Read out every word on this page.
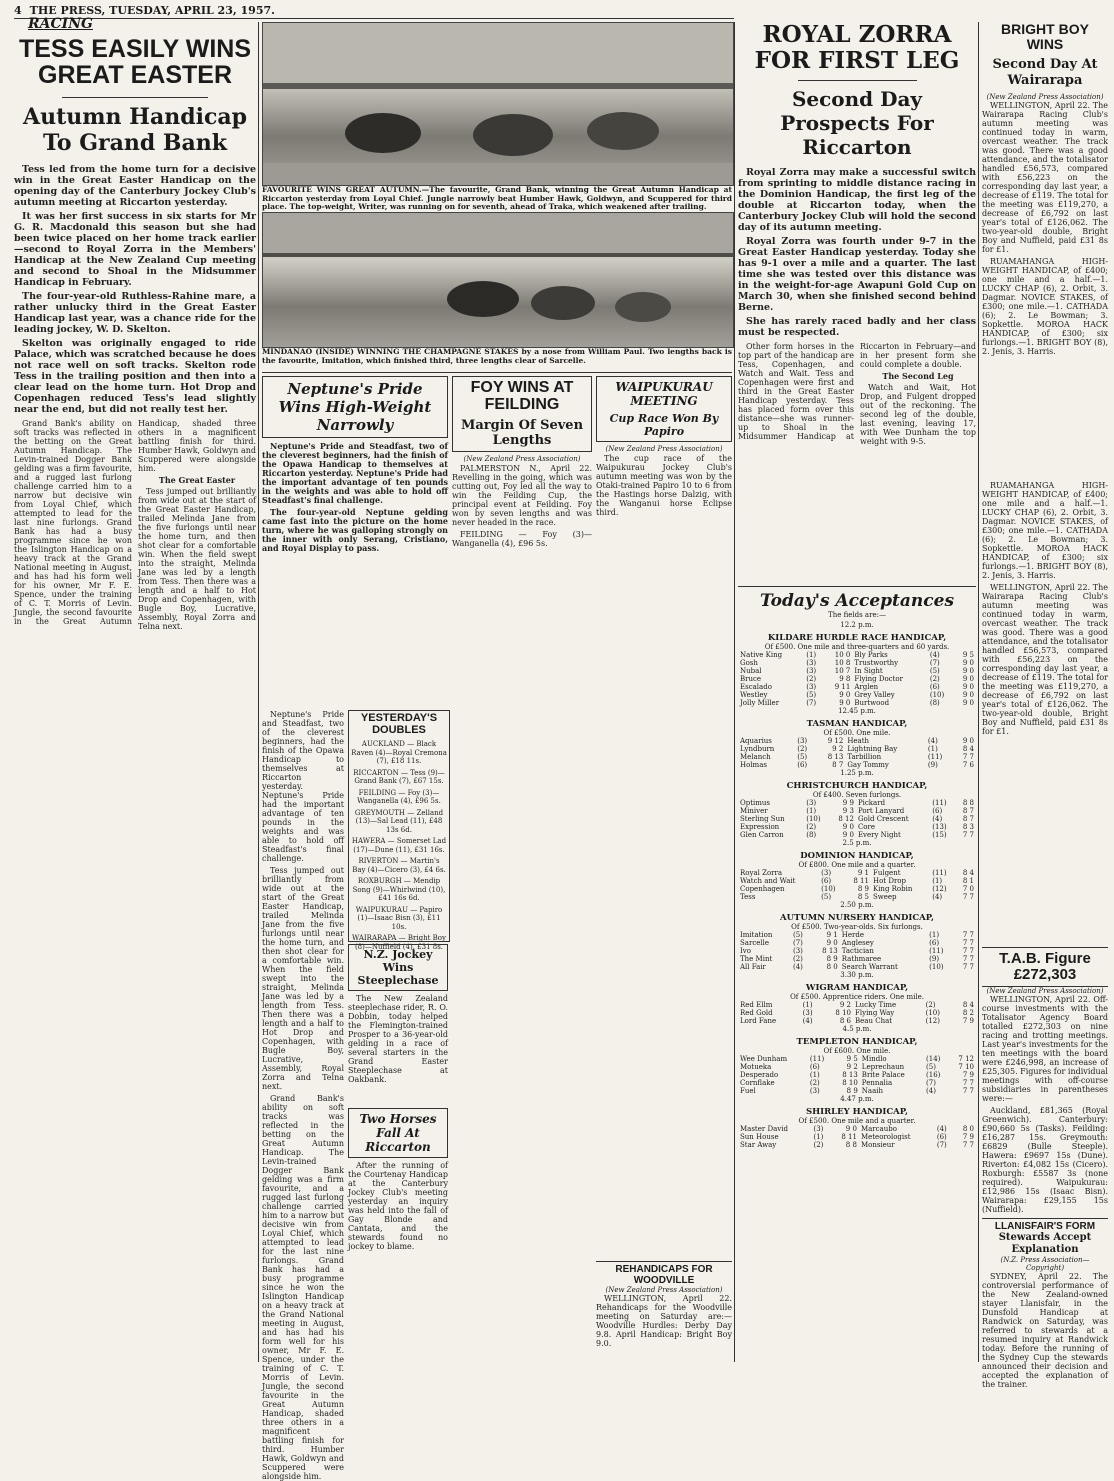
4 THE PRESS, TUESDAY, APRIL 23, 1957.
RACING
TESS EASILY WINS GREAT EASTER
Autumn Handicap To Grand Bank

Tess led from the home turn for a decisive win in the Great Easter Handicap on the opening day of the Canterbury Jockey Club's autumn meeting at Riccarton yesterday.

It was her first success in six starts for Mr G. R. Macdonald this season but she had been twice placed on her home track earlier—second to Royal Zorra in the Members' Handicap at the New Zealand Cup meeting and second to Shoal in the Midsummer Handicap in February.

The four-year-old Ruthless-Rahine mare, a rather unlucky third in the Great Easter Handicap last year, was a chance ride for the leading jockey, W. D. Skelton.

Skelton was originally engaged to ride Palace, which was scratched because he does not race well on soft tracks. Skelton rode Tess in the trailing position and then into a clear lead on the home turn. Hot Drop and Copenhagen reduced Tess's lead slightly near the end, but did not really test her.

Grand Bank's ability on soft tracks was reflected in the betting on the Great Autumn Handicap. The Levin-trained Dogger Bank gelding was a firm favourite, and a rugged last furlong challenge carried him to a narrow but decisive win from Loyal Chief, which attempted to lead for the last nine furlongs. Grand Bank has had a busy programme since he won the Islington Handicap on a heavy track at the Grand National meeting in August, and has had his form well for his owner, Mr F. E. Spence, under the training of C. T. Morris of Levin. Jungle, the second favourite in the Great Autumn Handicap, shaded three others in a magnificent battling finish for third. Humber Hawk, Goldwyn and Scuppered were alongside him.

The Great Easter

Tess jumped out brilliantly from wide out at the start of the Great Easter Handicap, trailed Melinda Jane from the five furlongs until near the home turn, and then shot clear for a comfortable win. When the field swept into the straight, Melinda Jane was led by a length from Tess. Then there was a length and a half to Hot Drop and Copenhagen, with Bugle Boy, Lucrative, Assembly, Royal Zorra and Telna next.

FAVOURITE WINS GREAT AUTUMN.—The favourite, Grand Bank, winning the Great Autumn Handicap at Riccarton yesterday from Loyal Chief. Jungle narrowly beat Humber Hawk, Goldwyn, and Scuppered for third place. The top-weight, Writer, was running on for seventh, ahead of Traka, which weakened after trailing.
MINDANAO (INSIDE) WINNING THE CHAMPAGNE STAKES by a nose from William Paul. Two lengths back is the favourite, Imitation, which finished third, three lengths clear of Sarcelle.
Neptune's Pride Wins High-Weight Narrowly

Neptune's Pride and Steadfast, two of the cleverest beginners, had the finish of the Opawa Handicap to themselves at Riccarton yesterday. Neptune's Pride had the important advantage of ten pounds in the weights and was able to hold off Steadfast's final challenge.

The four-year-old Neptune gelding came fast into the picture on the home turn, where he was galloping strongly on the inner with only Serang, Cristiano, and Royal Display to pass.

YESTERDAY'S DOUBLES
AUCKLAND — Black Raven (4)—Royal Cremona (7), £18 11s.
RICCARTON — Tess (9)—Grand Bank (7), £67 15s.
FEILDING — Foy (3)—Wanganella (4), £96 5s.
GREYMOUTH — Zelland (13)—Sal Lead (11), £48 13s 6d.
HAWERA — Somerset Lad (17)—Dune (11), £31 16s.
RIVERTON — Martin's Bay (4)—Cicero (3), £4 6s.
ROXBURGH — Mendip Song (9)—Whirlwind (10), £41 16s 6d.
WAIPUKURAU — Papiro (1)—Isaac Bisn (3), £11 10s.
WAIRARAPA — Bright Boy (8)—Nuffield (4), £31 8s.

Neptune's Pride and Steadfast, two of the cleverest beginners, had the finish of the Opawa Handicap to themselves at Riccarton yesterday. Neptune's Pride had the important advantage of ten pounds in the weights and was able to hold off Steadfast's final challenge.

Tess jumped out brilliantly from wide out at the start of the Great Easter Handicap, trailed Melinda Jane from the five furlongs until near the home turn, and then shot clear for a comfortable win. When the field swept into the straight, Melinda Jane was led by a length from Tess. Then there was a length and a half to Hot Drop and Copenhagen, with Bugle Boy, Lucrative, Assembly, Royal Zorra and Telna next.

Grand Bank's ability on soft tracks was reflected in the betting on the Great Autumn Handicap. The Levin-trained Dogger Bank gelding was a firm favourite, and a rugged last furlong challenge carried him to a narrow but decisive win from Loyal Chief, which attempted to lead for the last nine furlongs. Grand Bank has had a busy programme since he won the Islington Handicap on a heavy track at the Grand National meeting in August, and has had his form well for his owner, Mr F. E. Spence, under the training of C. T. Morris of Levin. Jungle, the second favourite in the Great Autumn Handicap, shaded three others in a magnificent battling finish for third. Humber Hawk, Goldwyn and Scuppered were alongside him.

N.Z. Jockey Wins Steeplechase

The New Zealand steeplechase rider, R. O. Dobbin, today helped the Flemington-trained Prosper to a 36-year-old gelding in a race of several starters in the Grand Easter Steeplechase at Oakbank.

Two Horses Fall At Riccarton

After the running of the Courtenay Handicap at the Canterbury Jockey Club's meeting yesterday an inquiry was held into the fall of Gay Blonde and Cantata, and the stewards found no jockey to blame.

FOY WINS AT FEILDING
Margin Of Seven Lengths
(New Zealand Press Association)

PALMERSTON N., April 22. Revelling in the going, which was cutting out, Foy led all the way to win the Feilding Cup, the principal event at Feilding. Foy won by seven lengths and was never headed in the race.

FEILDING — Foy (3)—Wanganella (4), £96 5s.

WAIPUKURAU MEETING
Cup Race Won By Papiro
(New Zealand Press Association)

The cup race of the Waipukurau Jockey Club's autumn meeting was won by the Otaki-trained Papiro 10 to 6 from the Hastings horse Dalzig, with the Wanganui horse Eclipse third.

REHANDICAPS FOR WOODVILLE
(New Zealand Press Association)

WELLINGTON, April 22. Rehandicaps for the Woodville meeting on Saturday are:— Woodville Hurdles: Derby Day 9.8. April Handicap: Bright Boy 9.0.

ROYAL ZORRA FOR FIRST LEG
Second Day Prospects For Riccarton

Royal Zorra may make a successful switch from sprinting to middle distance racing in the Dominion Handicap, the first leg of the double at Riccarton today, when the Canterbury Jockey Club will hold the second day of its autumn meeting.

Royal Zorra was fourth under 9-7 in the Great Easter Handicap yesterday. Today she has 9-1 over a mile and a quarter. The last time she was tested over this distance was in the weight-for-age Awapuni Gold Cup on March 30, when she finished second behind Berne.

She has rarely raced badly and her class must be respected.

Other form horses in the top part of the handicap are Tess, Copenhagen, and Watch and Wait. Tess and Copenhagen were first and third in the Great Easter Handicap yesterday. Tess has placed form over this distance—she was runner-up to Shoal in the Midsummer Handicap at Riccarton in February—and in her present form she could complete a double.

The Second Leg

Watch and Wait, Hot Drop, and Fulgent dropped out of the reckoning. The second leg of the double, last evening, leaving 17, with Wee Dunham the top weight with 9-5.

Today's Acceptances
The fields are:—
12.2 p.m.
KILDARE HURDLE RACE HANDICAP,
Of £500. One mile and three-quarters and 60 yards.
Native King	(1)	10 0	Bly Parks	(4)	9 5
Gosh	(3)	10 8	Trustworthy	(7)	9 0
Nubal	(3)	10 7	In Sight	(5)	9 0
Bruce	(2)	9 8	Flying Doctor	(2)	9 0
Escalado	(3)	9 11	Arglen	(6)	9 0
Westley	(5)	9 0	Grey Valley	(10)	9 0
Jolly Miller	(7)	9 0	Burtwood	(8)	9 0
12.45 p.m.
TASMAN HANDICAP,
Of £500. One mile.
Aquarius	(3)	9 12	Heath	(4)	9 0
Lyndburn	(2)	9 2	Lightning Bay	(1)	8 4
Melanch	(5)	8 13	Tarbillion	(11)	7 7
Holmas	(6)	8 7	Gay Tommy	(9)	7 6
1.25 p.m.
CHRISTCHURCH HANDICAP,
Of £400. Seven furlongs.
Optimus	(3)	9 9	Pickard	(11)	8 8
Miniver	(1)	9 3	Port Lanyard	(6)	8 7
Sterling Sun	(10)	8 12	Gold Crescent	(4)	8 7
Expression	(2)	9 0	Core	(13)	8 3
Glen Carron	(8)	9 0	Every Night	(15)	7 7
2.5 p.m.
DOMINION HANDICAP,
Of £800. One mile and a quarter.
Royal Zorra	(3)	9 1	Fulgent	(11)	8 4
Watch and Wait	(6)	8 11	Hot Drop	(1)	8 1
Copenhagen	(10)	8 9	King Robin	(12)	7 0
Tess	(5)	8 5	Sweep	(4)	7 7
2.50 p.m.
AUTUMN NURSERY HANDICAP,
Of £500. Two-year-olds. Six furlongs.
Imitation	(5)	9 1	Herde	(1)	7 7
Sarcelle	(7)	9 0	Anglesey	(6)	7 7
Ivo	(3)	8 13	Tactician	(11)	7 7
The Mint	(2)	8 9	Rathmaree	(9)	7 7
All Fair	(4)	8 0	Search Warrant	(10)	7 7
3.30 p.m.
WIGRAM HANDICAP,
Of £500. Apprentice riders. One mile.
Red Ellm	(1)	9 2	Lucky Time	(2)	8 4
Red Gold	(3)	8 10	Flying Way	(10)	8 2
Lord Fane	(4)	8 6	Beau Chat	(12)	7 9
4.5 p.m.
TEMPLETON HANDICAP,
Of £600. One mile.
Wee Dunham	(11)	9 5	Mindlo	(14)	7 12
Motueka	(6)	9 2	Leprechaun	(5)	7 10
Desperado	(1)	8 13	Brite Palace	(16)	7 9
Cornflake	(2)	8 10	Pennalia	(7)	7 7
Fuel	(3)	8 9	Naaih	(4)	7 7
4.47 p.m.
SHIRLEY HANDICAP,
Of £500. One mile and a quarter.
Master David	(3)	9 0	Marcaubo	(4)	8 0
Sun House	(1)	8 11	Meteorologist	(6)	7 9
Star Away	(2)	8 8	Monsieur	(7)	7 7
BRIGHT BOY WINS
Second Day At Wairarapa
(New Zealand Press Association)

WELLINGTON, April 22. The Wairarapa Racing Club's autumn meeting was continued today in warm, overcast weather. The track was good. There was a good attendance, and the totalisator handled £56,573, compared with £56,223 on the corresponding day last year, a decrease of £119. The total for the meeting was £119,270, a decrease of £6,792 on last year's total of £126,062. The two-year-old double, Bright Boy and Nuffield, paid £31 8s for £1.

RUAMAHANGA HIGH-WEIGHT HANDICAP, of £400; one mile and a half.—1. LUCKY CHAP (6), 2. Orbit, 3. Dagmar. NOVICE STAKES, of £300; one mile.—1. CATHADA (6); 2. Le Bowman; 3. Sopkettle. MOROA HACK HANDICAP, of £300; six furlongs.—1. BRIGHT BOY (8), 2. Jenis, 3. Harris.

RUAMAHANGA HIGH-WEIGHT HANDICAP, of £400; one mile and a half.—1. LUCKY CHAP (6), 2. Orbit, 3. Dagmar. NOVICE STAKES, of £300; one mile.—1. CATHADA (6); 2. Le Bowman; 3. Sopkettle. MOROA HACK HANDICAP, of £300; six furlongs.—1. BRIGHT BOY (8), 2. Jenis, 3. Harris.

WELLINGTON, April 22. The Wairarapa Racing Club's autumn meeting was continued today in warm, overcast weather. The track was good. There was a good attendance, and the totalisator handled £56,573, compared with £56,223 on the corresponding day last year, a decrease of £119. The total for the meeting was £119,270, a decrease of £6,792 on last year's total of £126,062. The two-year-old double, Bright Boy and Nuffield, paid £31 8s for £1.

T.A.B. Figure £272,303
(New Zealand Press Association)

WELLINGTON, April 22. Off-course investments with the Totalisator Agency Board totalled £272,303 on nine racing and trotting meetings. Last year's investments for the ten meetings with the board were £246,998, an increase of £25,305. Figures for individual meetings with off-course subsidiaries in parentheses were:—

Auckland, £81,365 (Royal Greenwich). Canterbury: £90,660 5s (Tasks). Feilding: £16,287 15s. Greymouth: £6829 (Bulle Steeple). Hawera: £9697 15s (Dune). Riverton: £4,082 15s (Cicero). Roxburgh: £5587 3s (none required). Waipukurau: £12,986 15s (Isaac Bisn). Wairarapa: £29,155 15s (Nuffield).

LLANISFAIR'S FORM
Stewards Accept Explanation
(N.Z. Press Association—Copyright)

SYDNEY, April 22. The controversial performance of the New Zealand-owned stayer Llanisfair, in the Dunsfold Handicap at Randwick on Saturday, was referred to stewards at a resumed inquiry at Randwick today. Before the running of the Sydney Cup the stewards announced their decision and accepted the explanation of the trainer.
